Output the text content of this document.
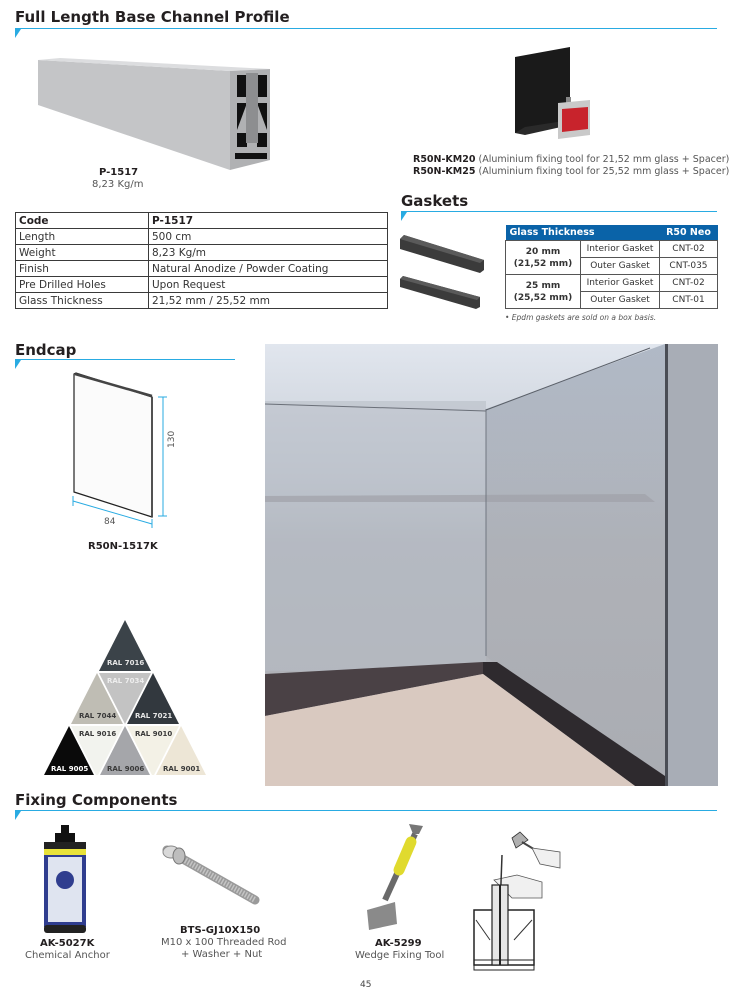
Full Length Base Channel Profile
P-1517
8,23 Kg/m
R50N-KM20 (Aluminium fixing tool for 21,52 mm glass + Spacer)
R50N-KM25 (Aluminium fixing tool for 25,52 mm glass + Spacer)
Code	P-1517
Length	500 cm
Weight	8,23 Kg/m
Finish	Natural Anodize / Powder Coating
Pre Drilled Holes	Upon Request
Glass Thickness	21,52 mm / 25,52 mm
Gaskets
Glass Thickness		R50 Neo

20 mm
(21,52 mm)	Interior Gasket	CNT-02
	Outer Gasket	CNT-035

25 mm
(25,52 mm)	Interior Gasket	CNT-02
	Outer Gasket	CNT-01
• Epdm gaskets are sold on a box basis.
Endcap
130
84
R50N-1517K
RAL 7016
RAL 7034
RAL 7044	RAL 7021
RAL 9016	RAL 9010
RAL 9005	RAL 9006	RAL 9001
Fixing Components
AK-5027K
Chemical Anchor
BTS-GJ10X150
M10 x 100 Threaded Rod
+ Washer + Nut
AK-5299
Wedge Fixing Tool
45
